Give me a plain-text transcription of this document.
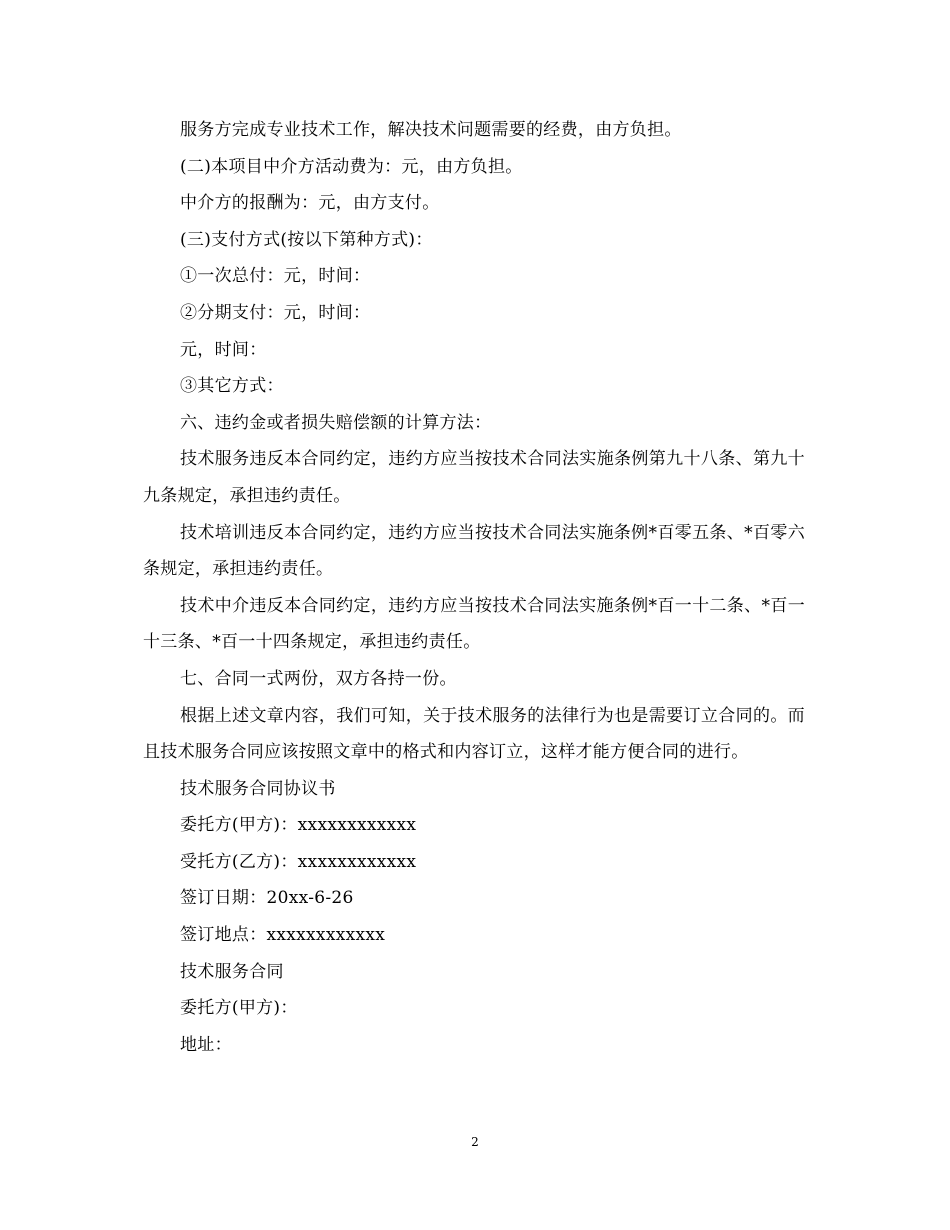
服务方完成专业技术工作，解决技术问题需要的经费，由方负担。

(二)本项目中介方活动费为：元，由方负担。

中介方的报酬为：元，由方支付。

(三)支付方式(按以下第种方式)：

①一次总付：元，时间：

②分期支付：元，时间：

元，时间：

③其它方式：

六、违约金或者损失赔偿额的计算方法：

技术服务违反本合同约定，违约方应当按技术合同法实施条例第九十八条、第九十九条规定，承担违约责任。

技术培训违反本合同约定，违约方应当按技术合同法实施条例*百零五条、*百零六条规定，承担违约责任。

技术中介违反本合同约定，违约方应当按技术合同法实施条例*百一十二条、*百一十三条、*百一十四条规定，承担违约责任。

七、合同一式两份，双方各持一份。

根据上述文章内容，我们可知，关于技术服务的法律行为也是需要订立合同的。而且技术服务合同应该按照文章中的格式和内容订立，这样才能方便合同的进行。

技术服务合同协议书

委托方(甲方)：xxxxxxxxxxxx

受托方(乙方)：xxxxxxxxxxxx

签订日期：20xx-6-26

签订地点：xxxxxxxxxxxx

技术服务合同

委托方(甲方)：

地址：

2
